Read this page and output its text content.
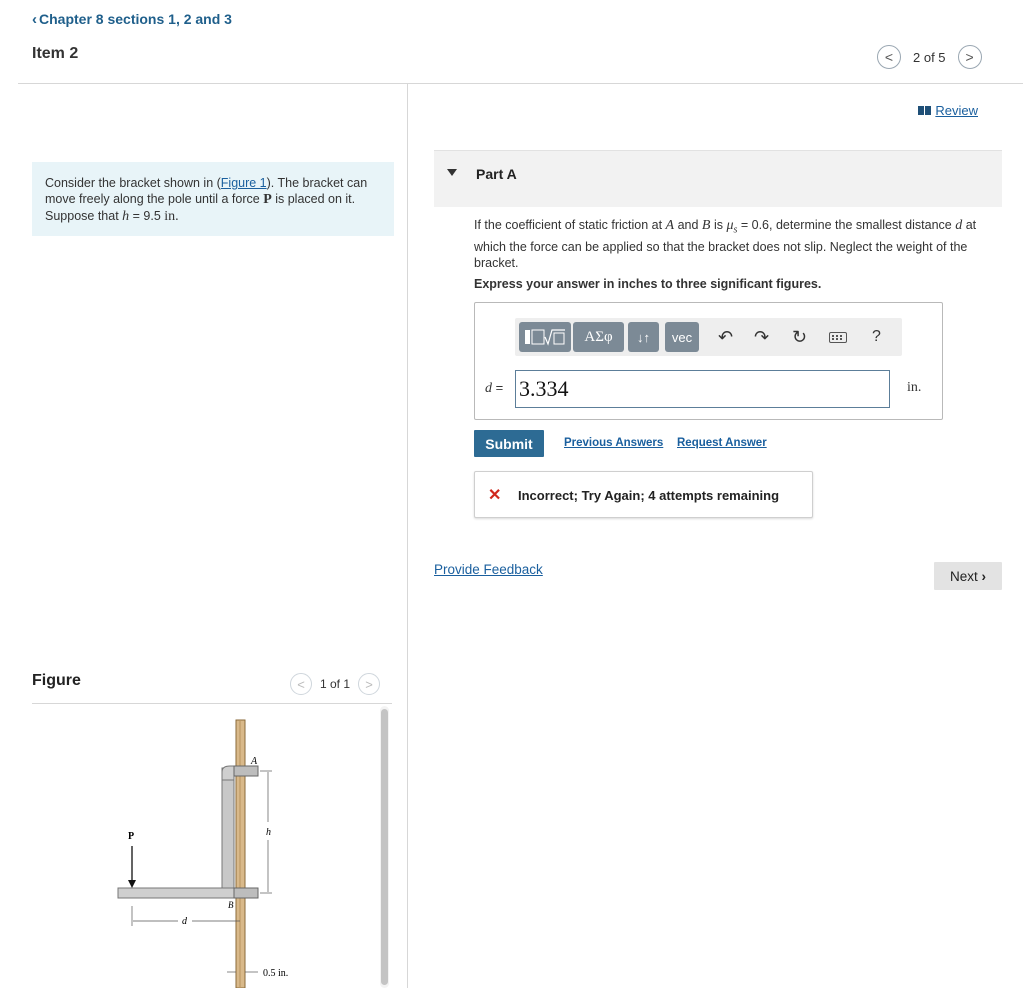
‹ Chapter 8 sections 1, 2 and 3
Item 2	< 2 of 5 >
Consider the bracket shown in (Figure 1). The bracket can move freely along the pole until a force P is placed on it. Suppose that h = 9.5 in.
Figure	< 1 of 1 >
P
A
B
h
d
0.5 in.
Review
Part A
If the coefficient of static friction at A and B is $\mu_s = 0.6$, determine the smallest distance d at which the force can be applied so that the bracket does not slip. Neglect the weight of the bracket.
Express your answer in inches to three significant figures.
ΑΣφ	↓↑	vec	↶ ↷ ↻	?
d =
3.334	in.
Submit	Previous Answers Request Answer
✕ Incorrect; Try Again; 4 attempts remaining
Provide Feedback	Next ›
